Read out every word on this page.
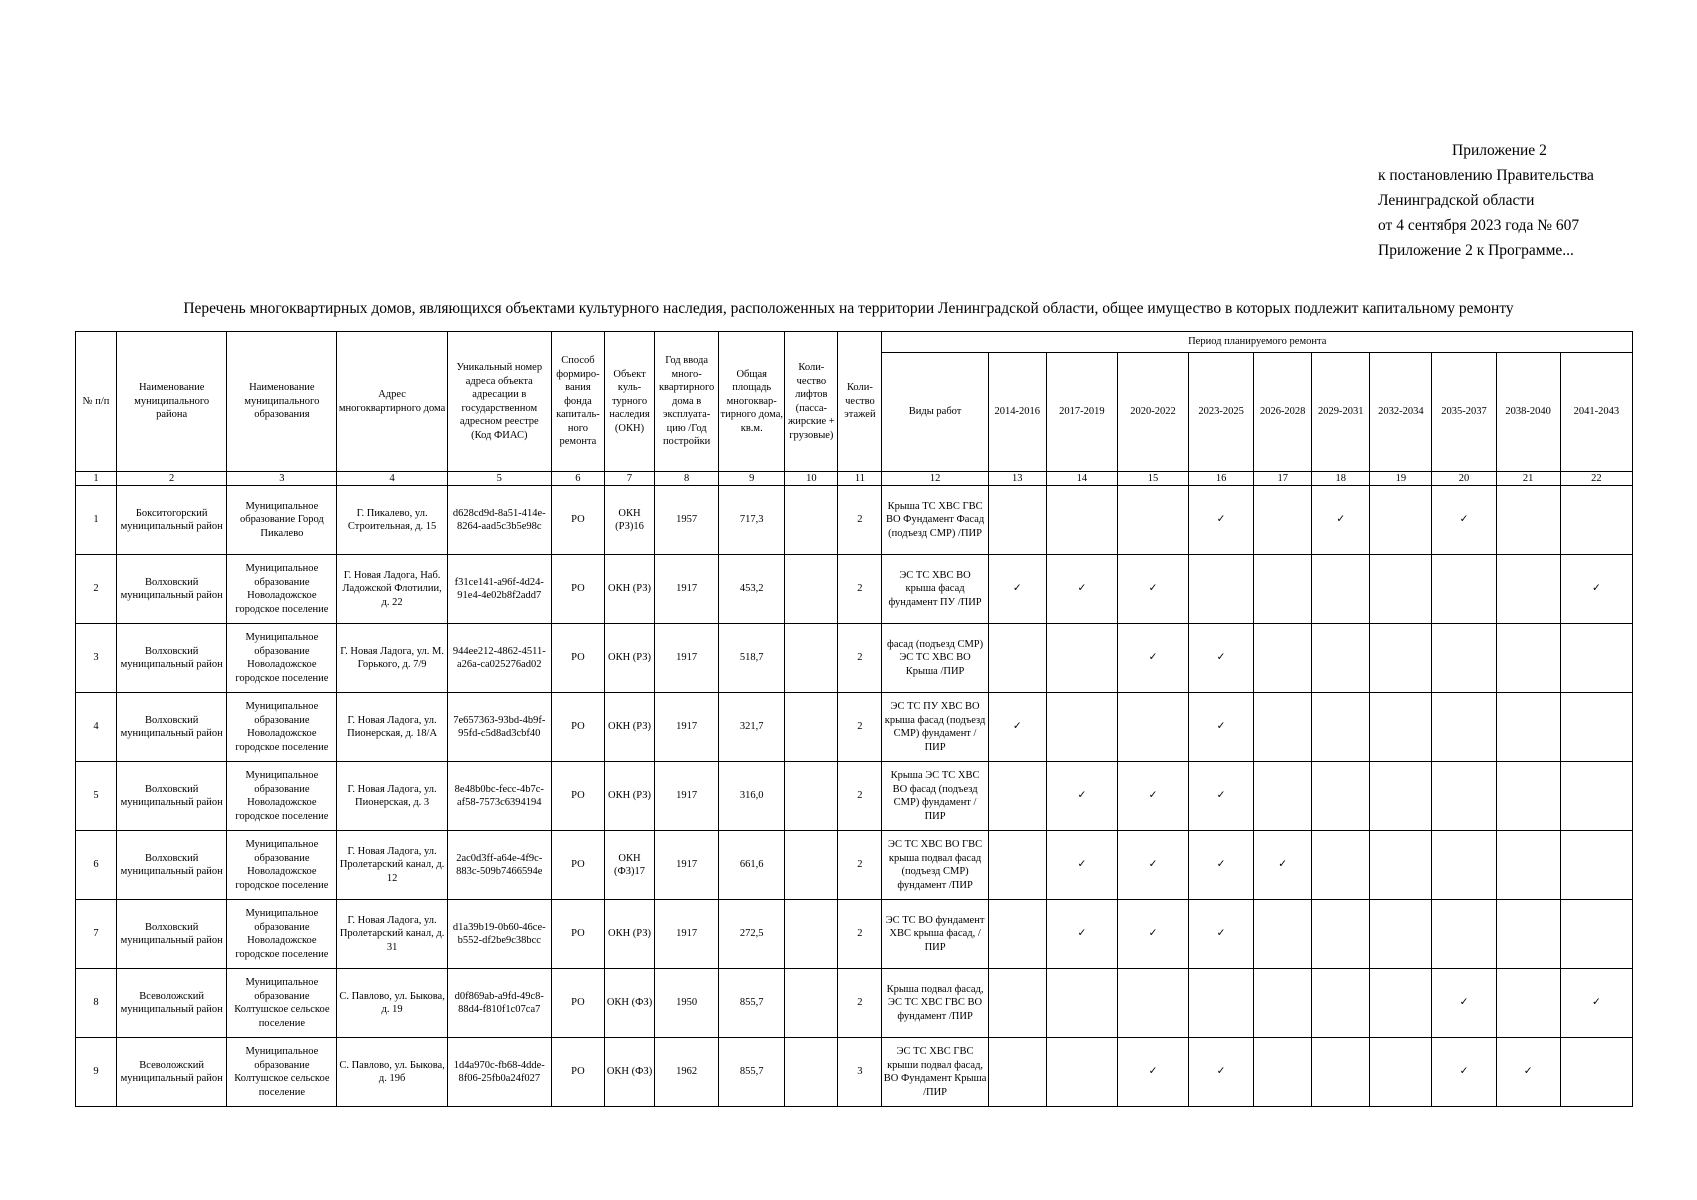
Приложение 2
к постановлению Правительства
Ленинградской области
от 4 сентября 2023 года № 607
Приложение 2 к Программе...
Перечень многоквартирных домов, являющихся объектами культурного наследия, расположенных на территории Ленинградской области, общее имущество в которых подлежит капитальному ремонту
№ п/п	Наименование муниципального района	Наименование муниципального образования	Адрес многоквартирного дома	Уникальный номер адреса объекта адресации в государственном адресном реестре (Код ФИАС)	Способ формиро-вания фонда капиталь-ного ремонта	Объект куль-турного наследия (ОКН)	Год ввода много-квартирного дома в эксплуата-цию /Год постройки	Общая площадь многоквар-тирного дома, кв.м.	Коли-чество лифтов (пасса-жирские + грузовые)	Коли-чество этажей	Период планируемого ремонта										
											Виды работ	2014-2016	2017-2019	2020-2022	2023-2025	2026-2028	2029-2031	2032-2034	2035-2037	2038-2040	2041-2043
1	2	3	4	5	6	7	8	9	10	11	12	13	14	15	16	17	18	19	20	21	22
1	Бокситогорский муниципальный район	Муниципальное образование Город Пикалево	Г. Пикалево, ул. Строительная, д. 15	d628cd9d-8a51-414e-8264-aad5c3b5e98c	РО	ОКН (РЗ)16	1957	717,3		2	Крыша ТС ХВС ГВС ВО Фундамент Фасад (подъезд СМР) /ПИР				✓		✓		✓		
2	Волховский муниципальный район	Муниципальное образование Новоладожское городское поселение	Г. Новая Ладога, Наб. Ладожской Флотилии, д. 22	f31ce141-a96f-4d24-91e4-4e02b8f2add7	РО	ОКН (РЗ)	1917	453,2		2	ЭС ТС ХВС ВО крыша фасад фундамент ПУ /ПИР	✓	✓	✓							✓
3	Волховский муниципальный район	Муниципальное образование Новоладожское городское поселение	Г. Новая Ладога, ул. М. Горького, д. 7/9	944ee212-4862-4511-a26a-ca025276ad02	РО	ОКН (РЗ)	1917	518,7		2	фасад (подъезд СМР) ЭС ТС ХВС ВО Крыша /ПИР			✓	✓						
4	Волховский муниципальный район	Муниципальное образование Новоладожское городское поселение	Г. Новая Ладога, ул. Пионерская, д. 18/А	7e657363-93bd-4b9f-95fd-c5d8ad3cbf40	РО	ОКН (РЗ)	1917	321,7		2	ЭС ТС ПУ ХВС ВО крыша фасад (подъезд СМР) фундамент /ПИР	✓			✓						
5	Волховский муниципальный район	Муниципальное образование Новоладожское городское поселение	Г. Новая Ладога, ул. Пионерская, д. 3	8e48b0bc-fecc-4b7c-af58-7573c6394194	РО	ОКН (РЗ)	1917	316,0		2	Крыша ЭС ТС ХВС ВО фасад (подъезд СМР) фундамент /ПИР		✓	✓	✓						
6	Волховский муниципальный район	Муниципальное образование Новоладожское городское поселение	Г. Новая Ладога, ул. Пролетарский канал, д. 12	2ac0d3ff-a64e-4f9c-883c-509b7466594e	РО	ОКН (ФЗ)17	1917	661,6		2	ЭС ТС ХВС ВО ГВС крыша подвал фасад (подъезд СМР) фундамент /ПИР		✓	✓	✓	✓					
7	Волховский муниципальный район	Муниципальное образование Новоладожское городское поселение	Г. Новая Ладога, ул. Пролетарский канал, д. 31	d1a39b19-0b60-46ce-b552-df2be9c38bcc	РО	ОКН (РЗ)	1917	272,5		2	ЭС ТС ВО фундамент ХВС крыша фасад, /ПИР		✓	✓	✓						
8	Всеволожский муниципальный район	Муниципальное образование Колтушское сельское поселение	С. Павлово, ул. Быкова, д. 19	d0f869ab-a9fd-49c8-88d4-f810f1c07ca7	РО	ОКН (ФЗ)	1950	855,7		2	Крыша подвал фасад, ЭС ТС ХВС ГВС ВО фундамент /ПИР								✓		✓
9	Всеволожский муниципальный район	Муниципальное образование Колтушское сельское поселение	С. Павлово, ул. Быкова, д. 19б	1d4a970c-fb68-4dde-8f06-25fb0a24f027	РО	ОКН (ФЗ)	1962	855,7		3	ЭС ТС ХВС ГВС крыши подвал фасад, ВО Фундамент Крыша /ПИР			✓	✓				✓	✓	
